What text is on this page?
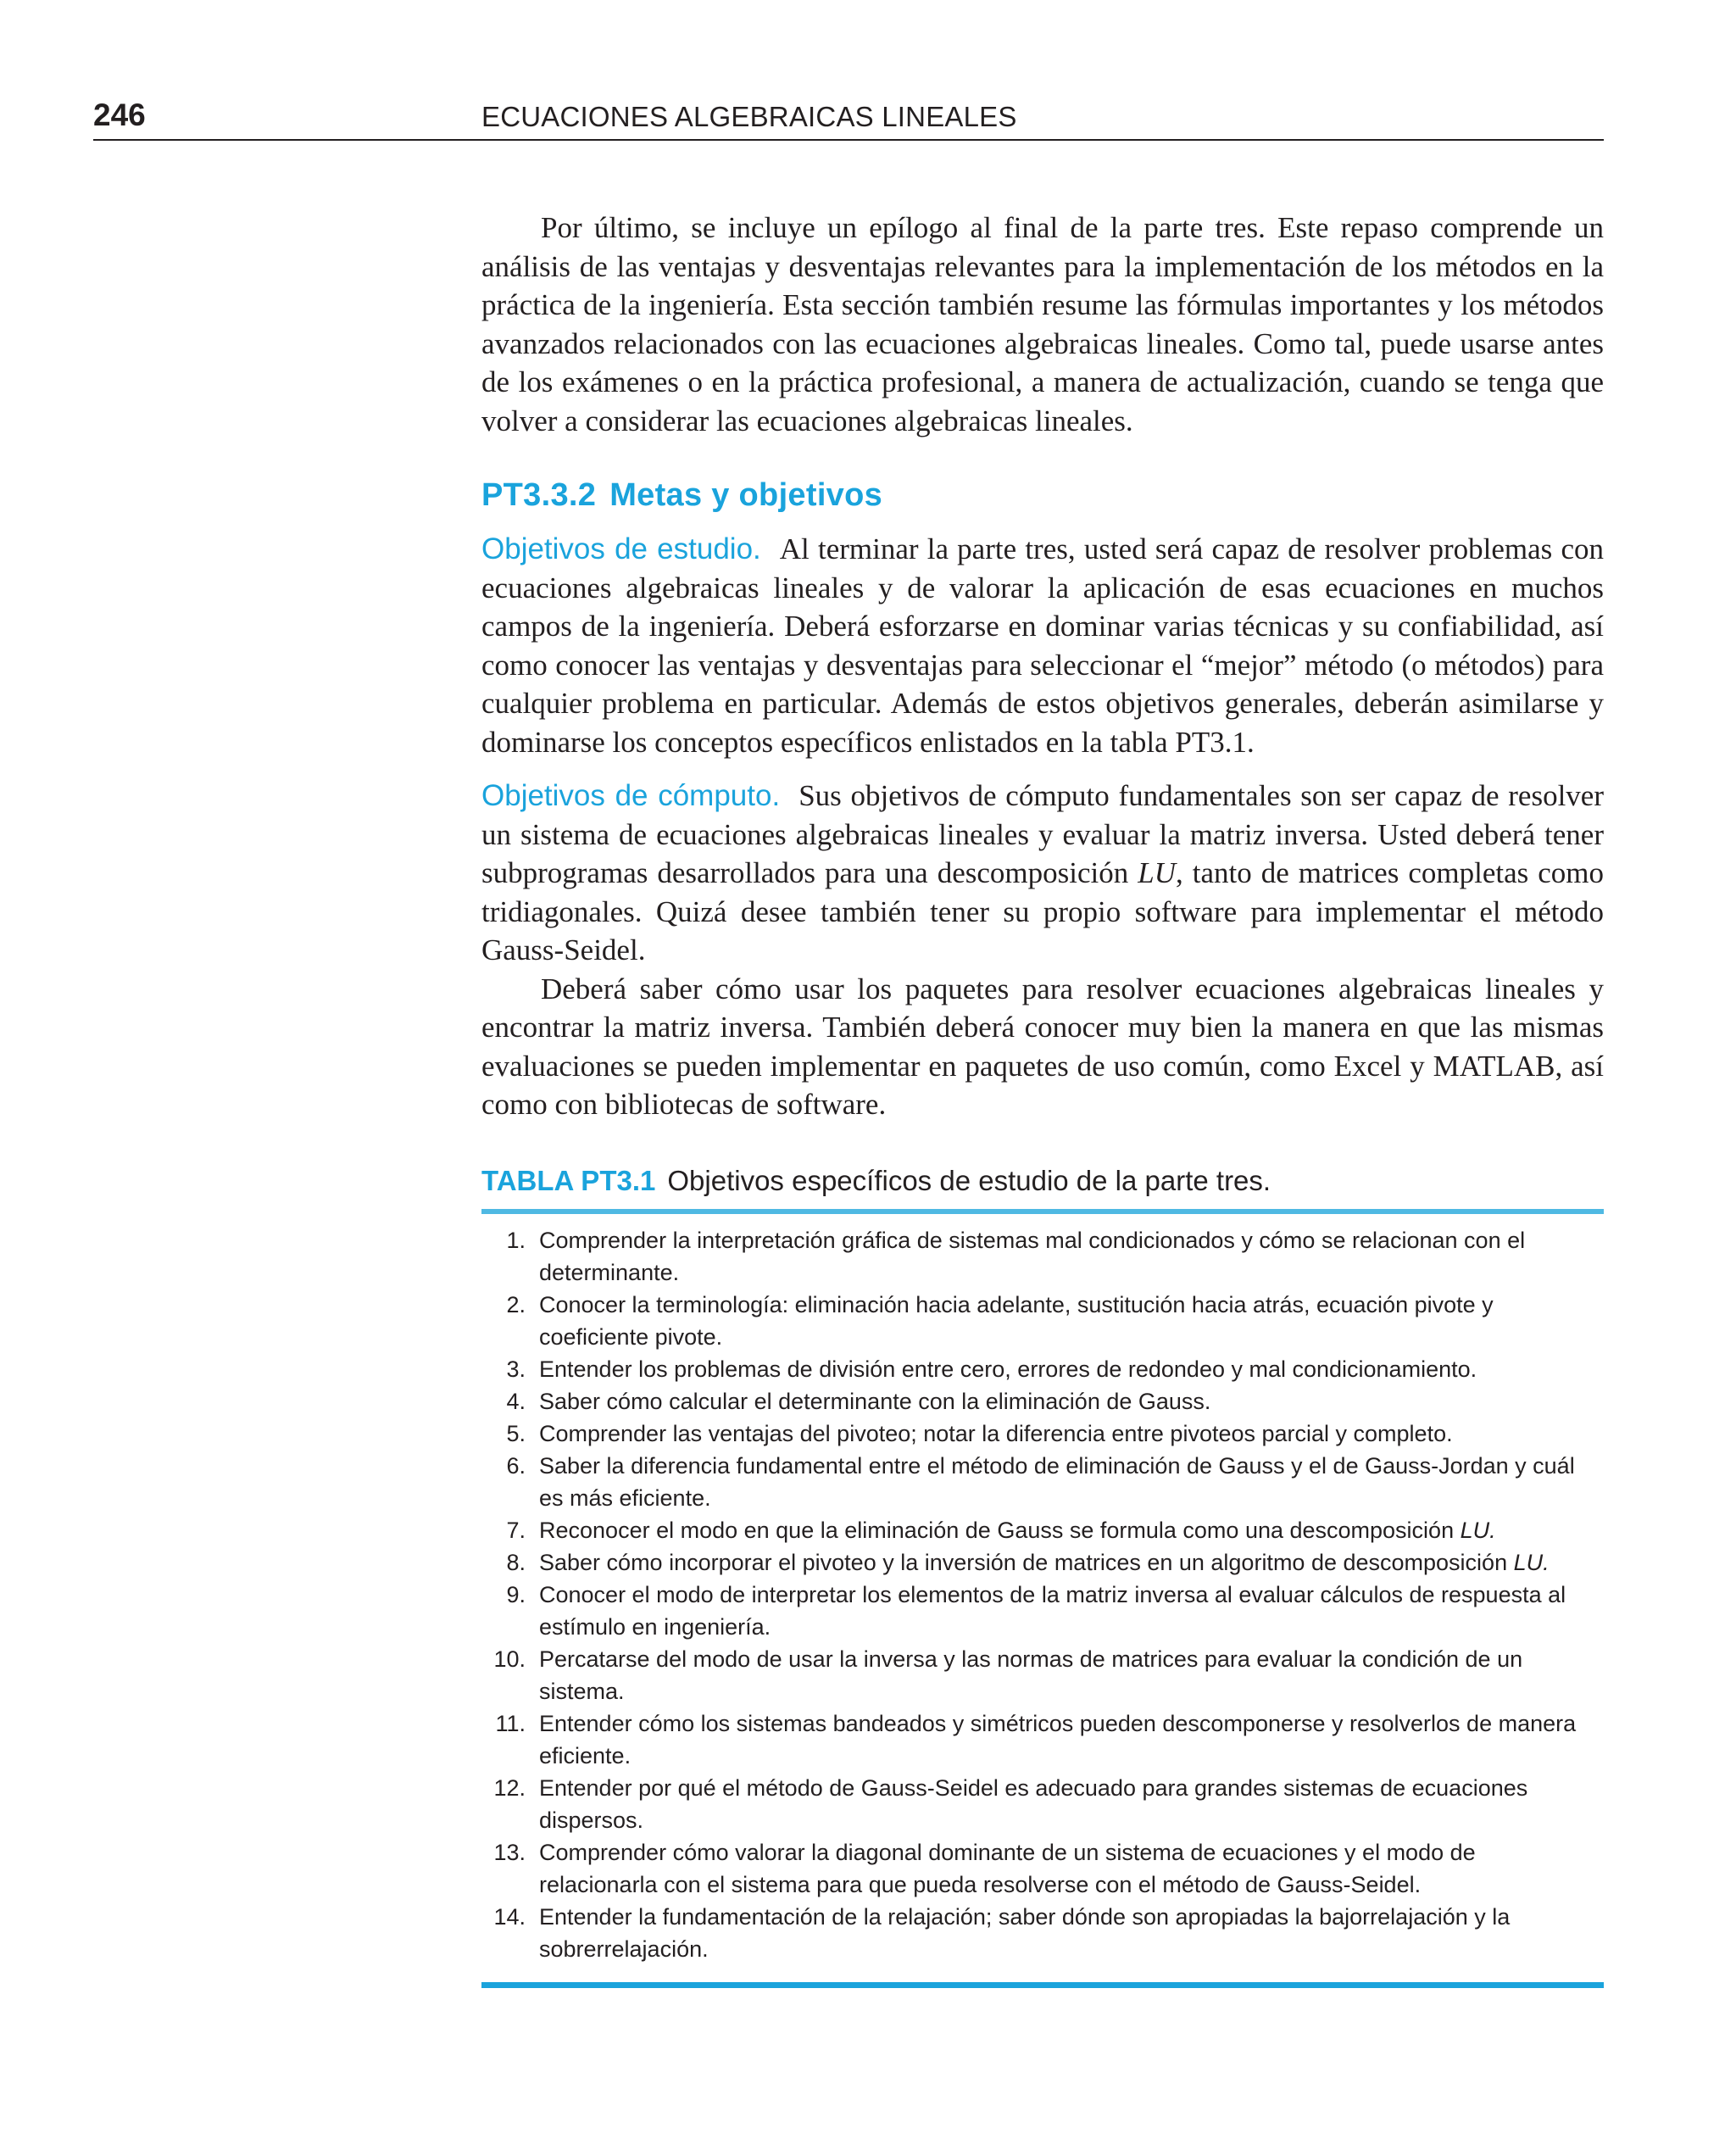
246	ECUACIONES ALGEBRAICAS LINEALES

Por último, se incluye un epílogo al final de la parte tres. Este repaso comprende un análisis de las ventajas y desventajas relevantes para la implementación de los métodos en la práctica de la ingeniería. Esta sección también resume las fórmulas importantes y los métodos avanzados relacionados con las ecuaciones algebraicas lineales. Como tal, puede usarse antes de los exámenes o en la práctica profesional, a manera de actualización, cuando se tenga que volver a considerar las ecuaciones algebraicas lineales.

PT3.3.2 Metas y objetivos

Objetivos de estudio. Al terminar la parte tres, usted será capaz de resolver problemas con ecuaciones algebraicas lineales y de valorar la aplicación de esas ecuaciones en muchos campos de la ingeniería. Deberá esforzarse en dominar varias técnicas y su confiabilidad, así como conocer las ventajas y desventajas para seleccionar el “mejor” método (o métodos) para cualquier problema en particular. Además de estos objetivos generales, deberán asimilarse y dominarse los conceptos específicos enlistados en la tabla PT3.1.

Objetivos de cómputo. Sus objetivos de cómputo fundamentales son ser capaz de resolver un sistema de ecuaciones algebraicas lineales y evaluar la matriz inversa. Usted deberá tener subprogramas desarrollados para una descomposición LU, tanto de matrices completas como tridiagonales. Quizá desee también tener su propio software para implementar el método Gauss-Seidel.

Deberá saber cómo usar los paquetes para resolver ecuaciones algebraicas lineales y encontrar la matriz inversa. También deberá conocer muy bien la manera en que las mismas evaluaciones se pueden implementar en paquetes de uso común, como Excel y MATLAB, así como con bibliotecas de software.

TABLA PT3.1 Objetivos específicos de estudio de la parte tres.
1. Comprender la interpretación gráfica de sistemas mal condicionados y cómo se relacionan con el determinante.
2. Conocer la terminología: eliminación hacia adelante, sustitución hacia atrás, ecuación pivote y coeficiente pivote.
3. Entender los problemas de división entre cero, errores de redondeo y mal condicionamiento.
4. Saber cómo calcular el determinante con la eliminación de Gauss.
5. Comprender las ventajas del pivoteo; notar la diferencia entre pivoteos parcial y completo.
6. Saber la diferencia fundamental entre el método de eliminación de Gauss y el de Gauss-Jordan y cuál es más eficiente.
7. Reconocer el modo en que la eliminación de Gauss se formula como una descomposición LU.
8. Saber cómo incorporar el pivoteo y la inversión de matrices en un algoritmo de descomposición LU.
9. Conocer el modo de interpretar los elementos de la matriz inversa al evaluar cálculos de respuesta al estímulo en ingeniería.
10. Percatarse del modo de usar la inversa y las normas de matrices para evaluar la condición de un sistema.
11. Entender cómo los sistemas bandeados y simétricos pueden descomponerse y resolverlos de manera eficiente.
12. Entender por qué el método de Gauss-Seidel es adecuado para grandes sistemas de ecuaciones dispersos.
13. Comprender cómo valorar la diagonal dominante de un sistema de ecuaciones y el modo de relacionarla con el sistema para que pueda resolverse con el método de Gauss-Seidel.
14. Entender la fundamentación de la relajación; saber dónde son apropiadas la bajorrelajación y la sobrerrelajación.
